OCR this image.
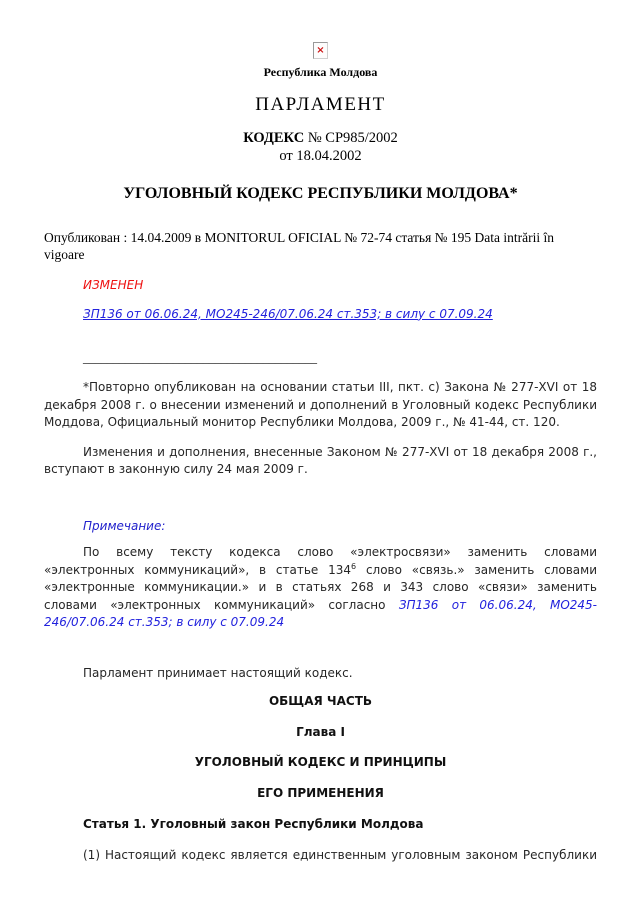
×
Республика Молдова
ПАРЛАМЕНТ
КОДЕКС № CP985/2002
от 18.04.2002
УГОЛОВНЫЙ КОДЕКС РЕСПУБЛИКИ МОЛДОВА*
Опубликован : 14.04.2009 в MONITORUL OFICIAL № 72-74 статья № 195 Data intrării în vigoare
ИЗМЕНЕН
ЗП136 от 06.06.24, МО245-246/07.06.24 ст.353; в силу с 07.09.24
_______________________________________

*Повторно опубликован на основании статьи III, пкт. с) Закона № 277-XVI от 18 декабря 2008 г. о внесении изменений и дополнений в Уголовный кодекс Республики Моддова, Официальный монитор Республики Молдова, 2009 г., № 41-44, ст. 120.

Изменения и дополнения, внесенные Законом № 277-XVI от 18 декабря 2008 г., вступают в законную силу 24 мая 2009 г.

Примечание:

По всему тексту кодекса слово «электросвязи» заменить словами «электронных коммуникаций», в статье $134^6$ слово «связь.» заменить словами «электронные коммуникации.» и в статьях 268 и 343 слово «связи» заменить словами «электронных коммуникаций» согласно ЗП136 от 06.06.24, МО245-246/07.06.24 ст.353; в силу с 07.09.24

Парламент принимает настоящий кодекс.

ОБЩАЯ ЧАСТЬ
Глава I
УГОЛОВНЫЙ КОДЕКС И ПРИНЦИПЫ
ЕГО ПРИМЕНЕНИЯ
Статья 1. Уголовный закон Республики Молдова

(1) Настоящий кодекс является единственным уголовным законом Республики
